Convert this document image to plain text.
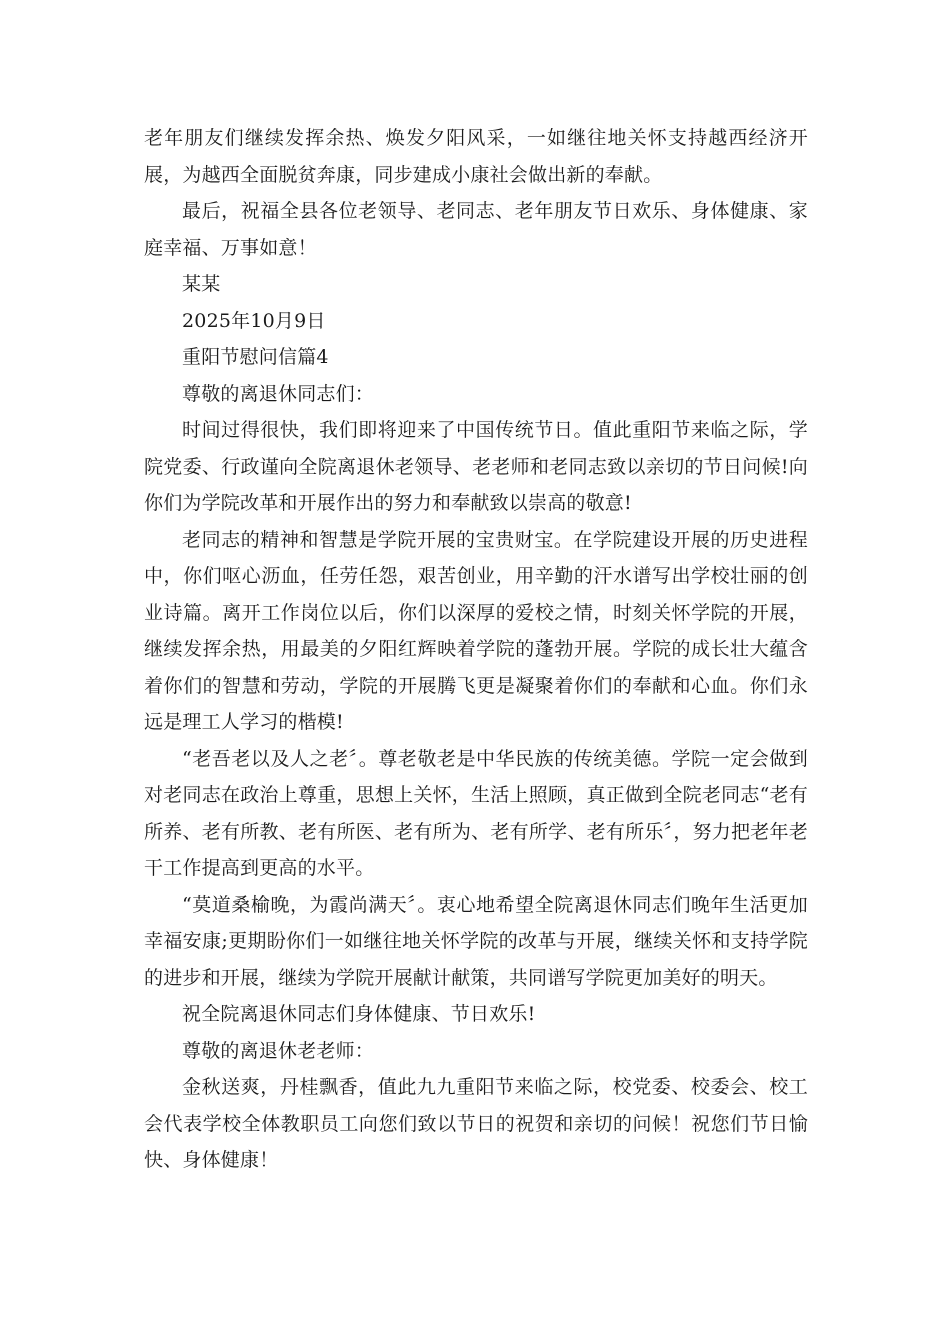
老年朋友们继续发挥余热、焕发夕阳风采，一如继往地关怀支持越西经济开展，为越西全面脱贫奔康，同步建成小康社会做出新的奉献。

最后，祝福全县各位老领导、老同志、老年朋友节日欢乐、身体健康、家庭幸福、万事如意！

某某

2025年10月9日

重阳节慰问信篇4

尊敬的离退休同志们：

时间过得很快，我们即将迎来了中国传统节日。值此重阳节来临之际，学院党委、行政谨向全院离退休老领导、老老师和老同志致以亲切的节日问候!向你们为学院改革和开展作出的努力和奉献致以崇高的敬意!

老同志的精神和智慧是学院开展的宝贵财宝。在学院建设开展的历史进程中，你们呕心沥血，任劳任怨，艰苦创业，用辛勤的汗水谱写出学校壮丽的创业诗篇。离开工作岗位以后，你们以深厚的爱校之情，时刻关怀学院的开展，继续发挥余热，用最美的夕阳红辉映着学院的蓬勃开展。学院的成长壮大蕴含着你们的智慧和劳动，学院的开展腾飞更是凝聚着你们的奉献和心血。你们永远是理工人学习的楷模!

“老吾老以及人之老〞。尊老敬老是中华民族的传统美德。学院一定会做到对老同志在政治上尊重，思想上关怀，生活上照顾，真正做到全院老同志“老有所养、老有所教、老有所医、老有所为、老有所学、老有所乐〞，努力把老年老干工作提高到更高的水平。

“莫道桑榆晚，为霞尚满天〞。衷心地希望全院离退休同志们晚年生活更加幸福安康;更期盼你们一如继往地关怀学院的改革与开展，继续关怀和支持学院的进步和开展，继续为学院开展献计献策，共同谱写学院更加美好的明天。

祝全院离退休同志们身体健康、节日欢乐!

尊敬的离退休老老师：

金秋送爽，丹桂飘香，值此九九重阳节来临之际，校党委、校委会、校工会代表学校全体教职员工向您们致以节日的祝贺和亲切的问候！祝您们节日愉快、身体健康！
